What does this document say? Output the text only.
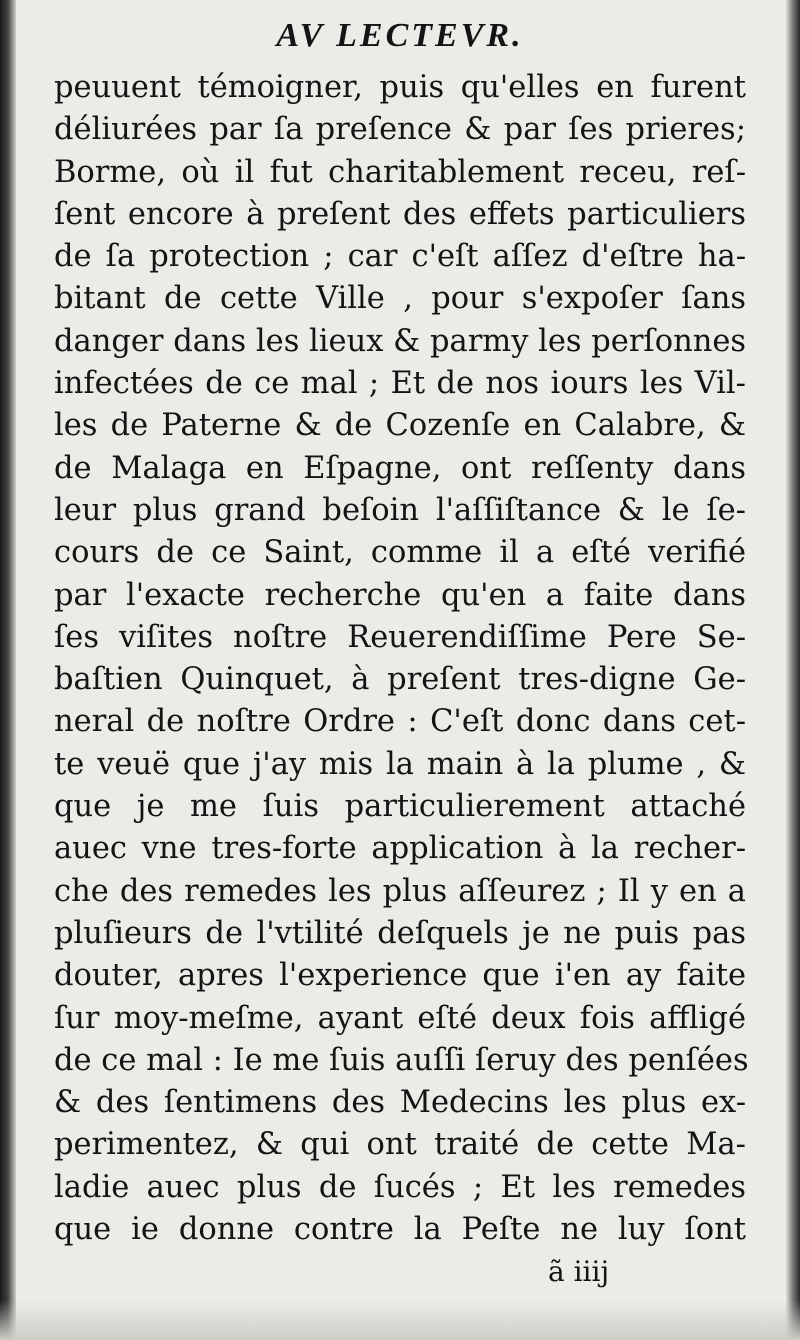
AV LECTEVR.
peuuent témoigner, puis qu'elles en furent
déliurées par ſa preſence & par ſes prieres;
Borme, où il fut charitablement receu, reſ-
ſent encore à preſent des effets particuliers
de ſa protection ; car c'eſt aſſez d'eſtre ha-
bitant de cette Ville , pour s'expoſer ſans
danger dans les lieux & parmy les perſonnes
infectées de ce mal ; Et de nos iours les Vil-
les de Paterne & de Cozenſe en Calabre, &
de Malaga en Eſpagne, ont reſſenty dans
leur plus grand beſoin l'aſſiſtance & le ſe-
cours de ce Saint, comme il a eſté verifié
par l'exacte recherche qu'en a faite dans
ſes viſites noſtre Reuerendiſſime Pere Se-
baſtien Quinquet, à preſent tres-digne Ge-
neral de noſtre Ordre : C'eſt donc dans cet-
te veuë que j'ay mis la main à la plume , &
que je me ſuis particulierement attaché
auec vne tres-forte application à la recher-
che des remedes les plus aſſeurez ; Il y en a
pluſieurs de l'vtilité deſquels je ne puis pas
douter, apres l'experience que i'en ay faite
ſur moy-meſme, ayant eſté deux fois affligé
de ce mal : Ie me ſuis auſſi ſeruy des penſées
& des ſentimens des Medecins les plus ex-
perimentez, & qui ont traité de cette Ma-
ladie auec plus de ſucés ; Et les remedes
que ie donne contre la Peſte ne luy ſont
ã iiij
